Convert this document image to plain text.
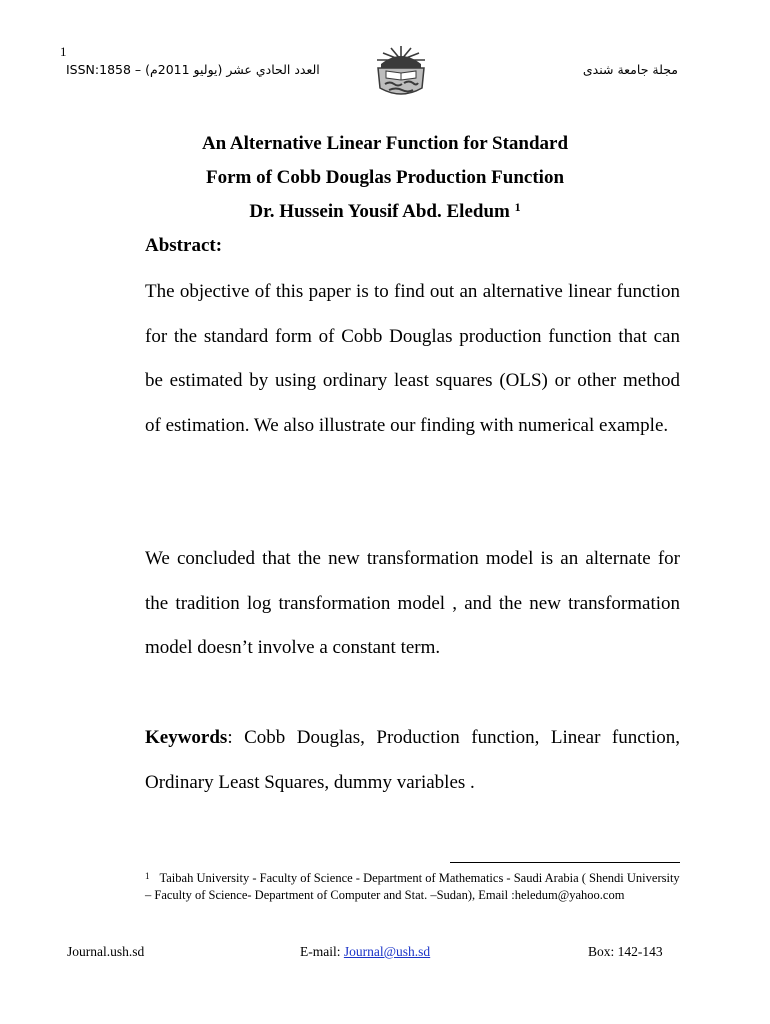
1
ISSN:1858 – العدد الحادي عشر (يوليو 2011م)	مجلة جامعة شندى
An Alternative Linear Function for Standard
Form of Cobb Douglas Production Function
Dr. Hussein Yousif Abd. Eledum $^1$
Abstract:
The objective of this paper is to find out an alternative linear function for the standard form of Cobb Douglas production function that can be estimated by using ordinary least squares (OLS) or other method of estimation. We also illustrate our finding with numerical example.
We concluded that the new transformation model is an alternate for the tradition log transformation model , and the new transformation model doesn’t involve a constant term.
Keywords: Cobb Douglas, Production function, Linear function, Ordinary Least Squares, dummy variables .
$^1$ Taibah University - Faculty of Science - Department of Mathematics - Saudi Arabia ( Shendi University – Faculty of Science- Department of Computer and Stat. –Sudan), Email :heledum@yahoo.com
Journal.ush.sd	E-mail: Journal@ush.sd	Box: 142-143
